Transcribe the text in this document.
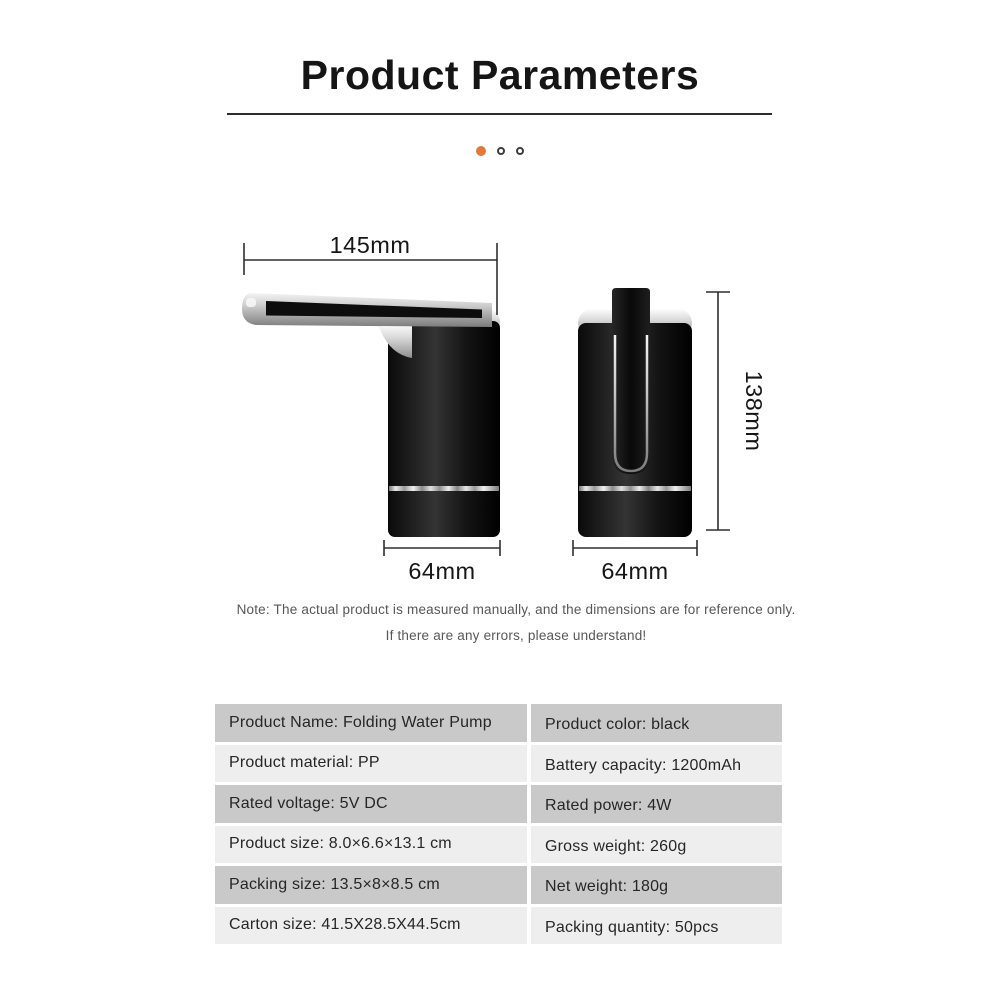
Product Parameters
145mm
64mm	64mm
138mm
Note: The actual product is measured manually, and the dimensions are for reference only.
If there are any errors, please understand!
Product Name: Folding Water Pump	Product color: black
Product material: PP	Battery capacity: 1200mAh
Rated voltage: 5V DC	Rated power: 4W
Product size: 8.0×6.6×13.1 cm	Gross weight: 260g
Packing size: 13.5×8×8.5 cm	Net weight: 180g
Carton size: 41.5X28.5X44.5cm	Packing quantity: 50pcs
